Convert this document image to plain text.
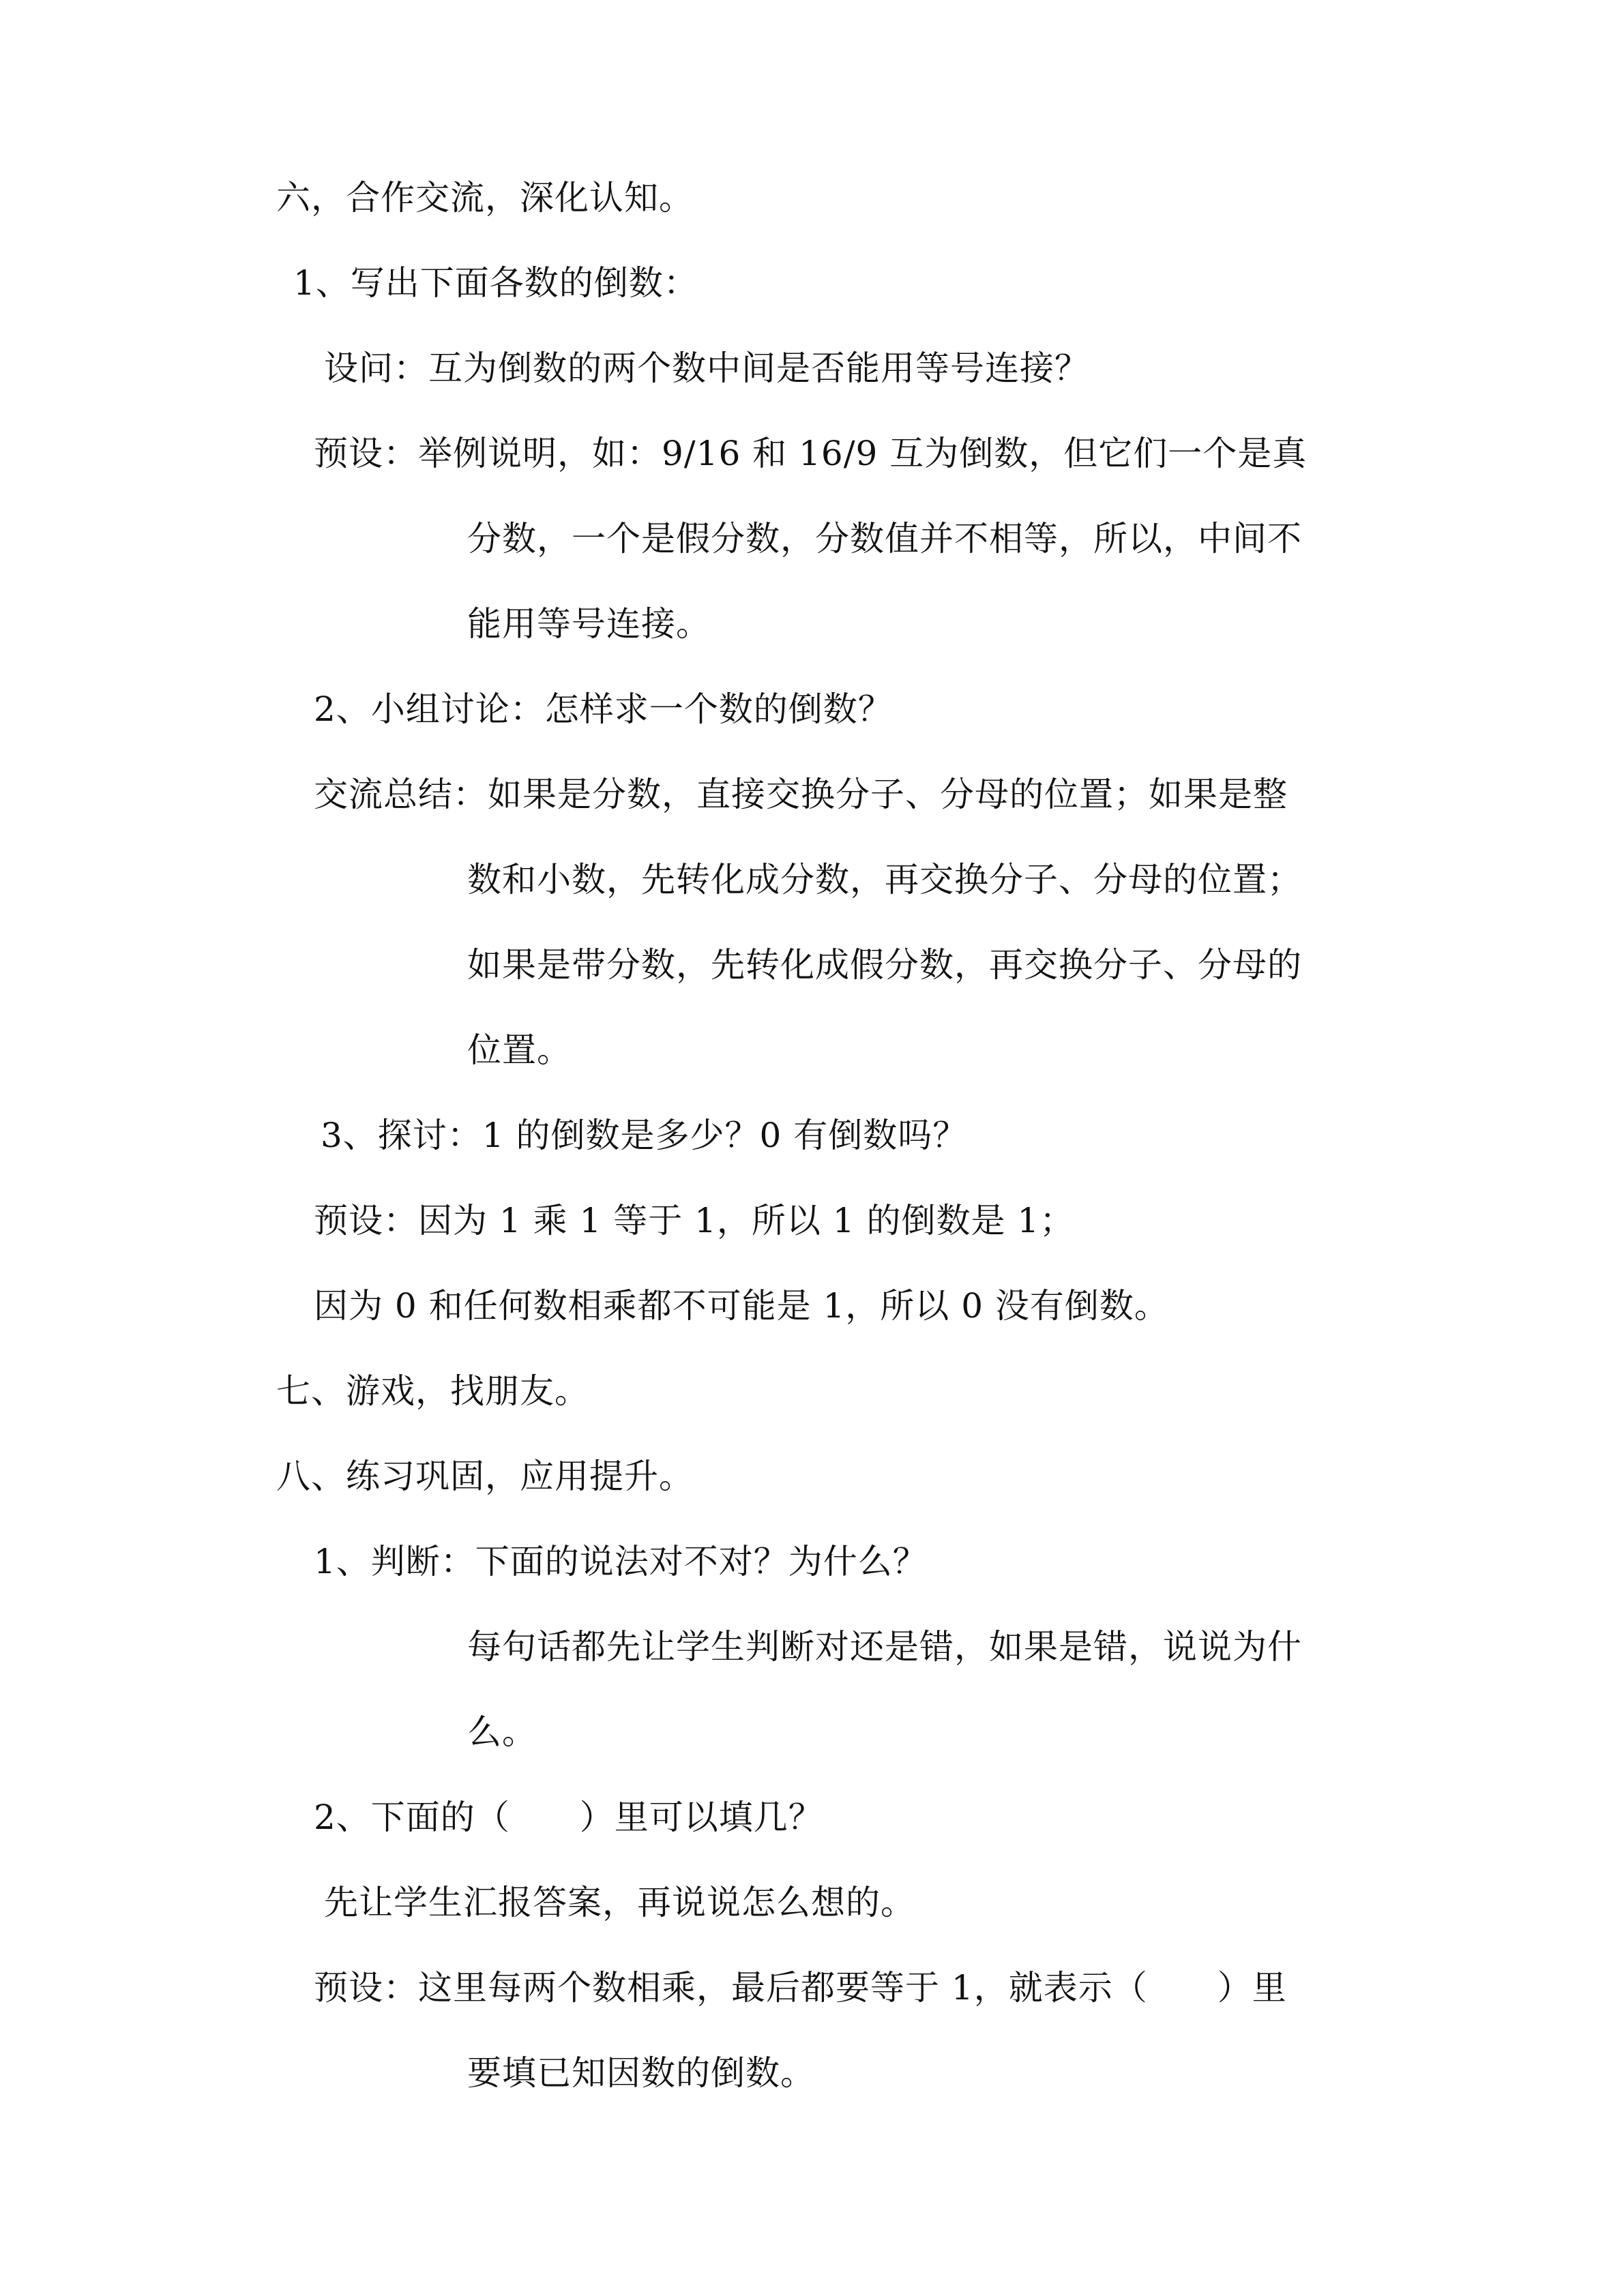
六，合作交流，深化认知。
1、写出下面各数的倒数：
设问：互为倒数的两个数中间是否能用等号连接？
预设：举例说明，如：9/16 和 16/9 互为倒数，但它们一个是真
分数，一个是假分数，分数值并不相等，所以，中间不
能用等号连接。
2、小组讨论：怎样求一个数的倒数？
交流总结：如果是分数，直接交换分子、分母的位置；如果是整
数和小数，先转化成分数，再交换分子、分母的位置；
如果是带分数，先转化成假分数，再交换分子、分母的
位置。
3、探讨：1 的倒数是多少？0 有倒数吗？
预设：因为 1 乘 1 等于 1，所以 1 的倒数是 1；
因为 0 和任何数相乘都不可能是 1，所以 0 没有倒数。
七、游戏，找朋友。
八、练习巩固，应用提升。
1、判断：下面的说法对不对？为什么？
每句话都先让学生判断对还是错，如果是错，说说为什
么。
2、下面的（　　）里可以填几？
先让学生汇报答案，再说说怎么想的。
预设：这里每两个数相乘，最后都要等于 1，就表示（　　）里
要填已知因数的倒数。
